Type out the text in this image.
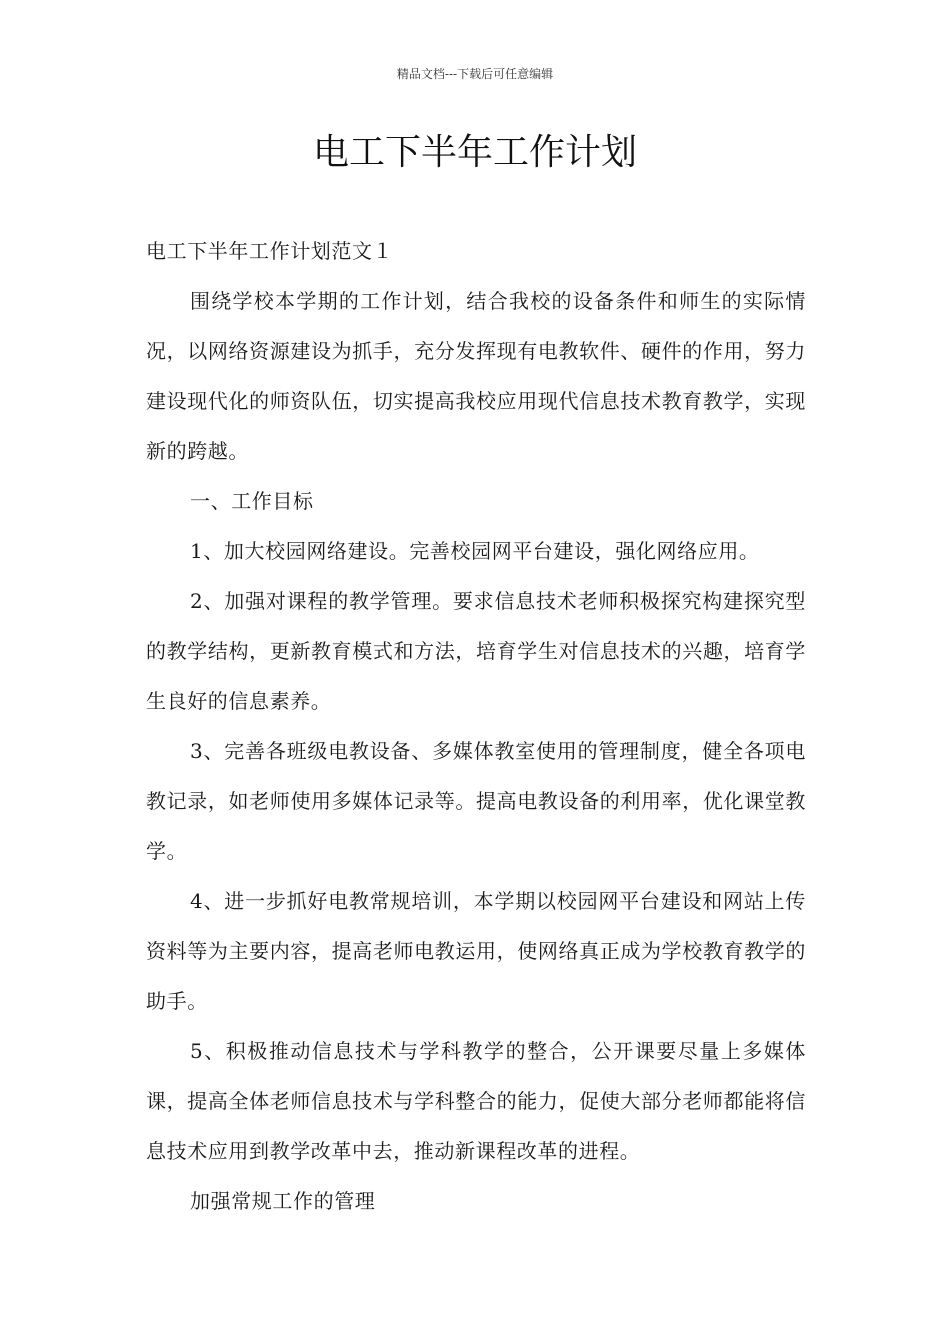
精品文档---下载后可任意编辑
电工下半年工作计划

电工下半年工作计划范文１

围绕学校本学期的工作计划，结合我校的设备条件和师生的实际情况，以网络资源建设为抓手，充分发挥现有电教软件、硬件的作用，努力建设现代化的师资队伍，切实提高我校应用现代信息技术教育教学，实现新的跨越。

一、工作目标

1、加大校园网络建设。完善校园网平台建设，强化网络应用。

2、加强对课程的教学管理。要求信息技术老师积极探究构建探究型的教学结构，更新教育模式和方法，培育学生对信息技术的兴趣，培育学生良好的信息素养。

3、完善各班级电教设备、多媒体教室使用的管理制度，健全各项电教记录，如老师使用多媒体记录等。提高电教设备的利用率，优化课堂教学。

4、进一步抓好电教常规培训，本学期以校园网平台建设和网站上传资料等为主要内容，提高老师电教运用，使网络真正成为学校教育教学的助手。

5、积极推动信息技术与学科教学的整合，公开课要尽量上多媒体课，提高全体老师信息技术与学科整合的能力，促使大部分老师都能将信息技术应用到教学改革中去，推动新课程改革的进程。

加强常规工作的管理
